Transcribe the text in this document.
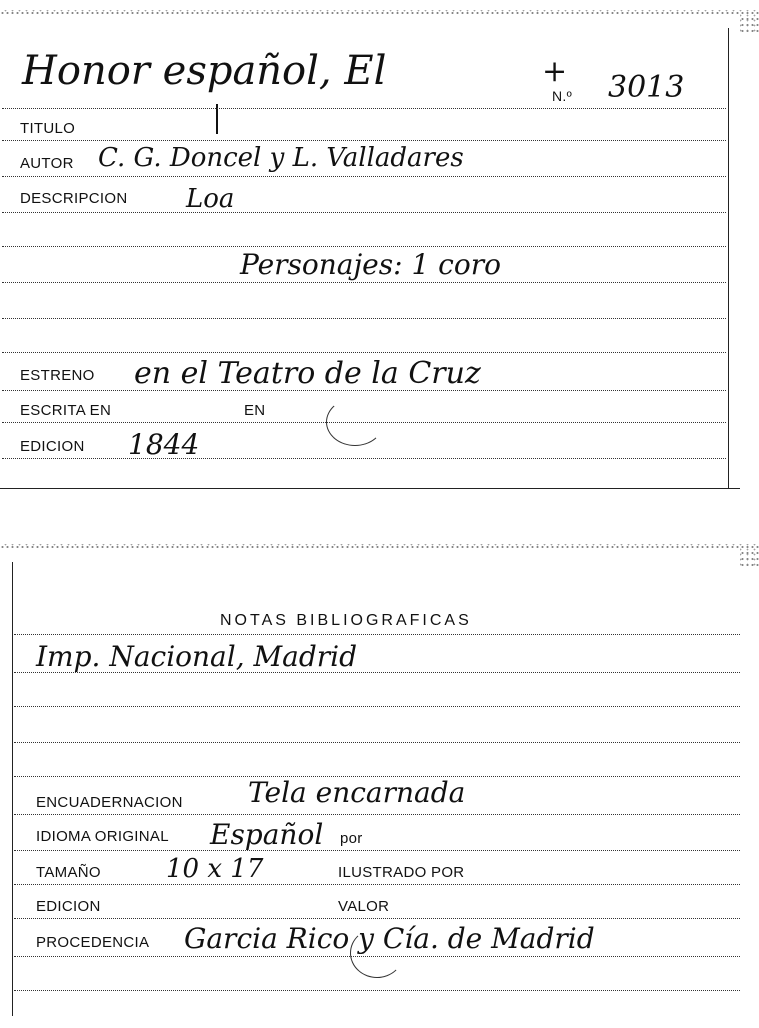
Honor español, El	+
N.º 3013
TITULO
AUTOR C. G. Doncel y L. Valladares
DESCRIPCION Loa
Personajes: 1 coro
ESTRENO en el Teatro de la Cruz
ESCRITA EN	EN
EDICION 1844
NOTAS BIBLIOGRAFICAS
Imp. Nacional, Madrid
ENCUADERNACION Tela encarnada
IDIOMA ORIGINAL Español por
TAMAÑO	10 x 17	ILUSTRADO POR
EDICION	VALOR
PROCEDENCIA Garcia Rico y Cía. de Madrid
